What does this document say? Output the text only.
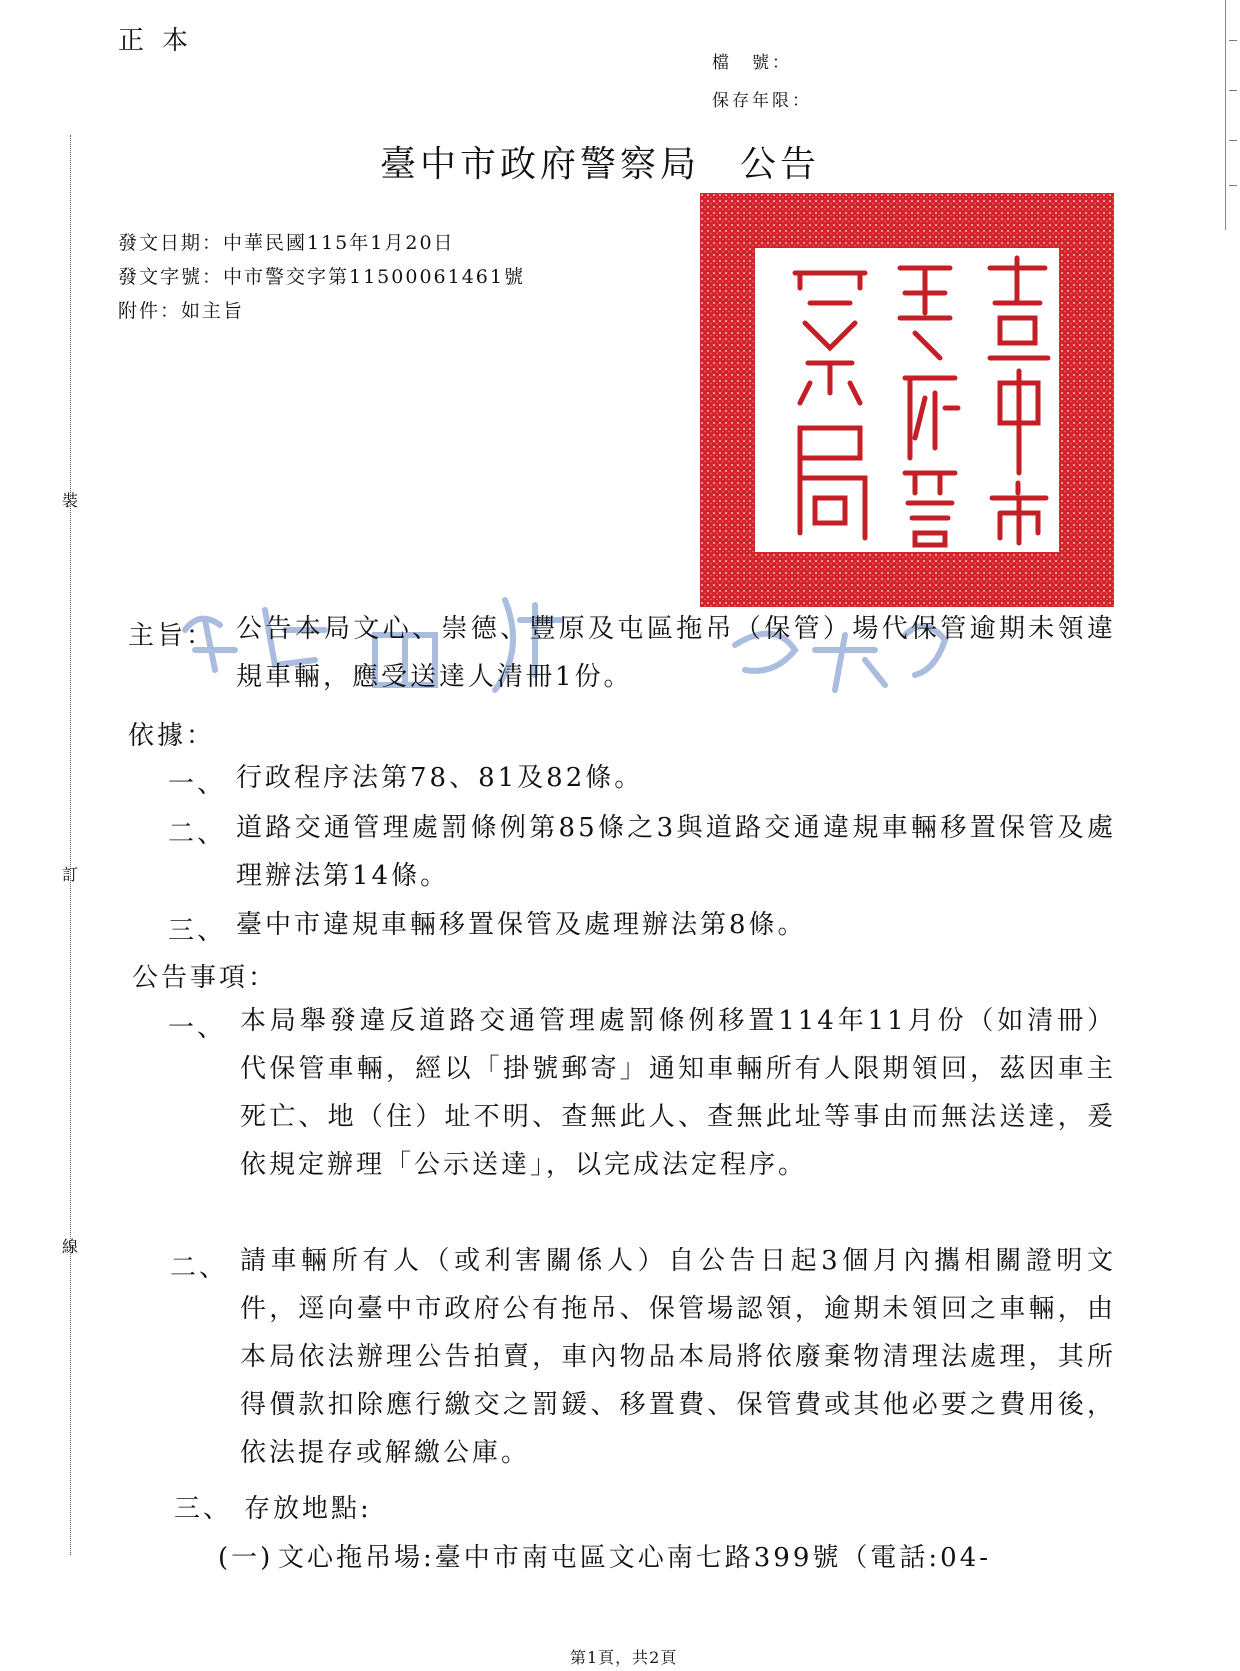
裝
訂
線
正本
檔　號：
保存年限：
臺中市政府警察局 公告
發文日期：中華民國115年1月20日
發文字號：中市警交字第11500061461號
附件：如主旨
主旨： 公告本局文心、崇德、豐原及屯區拖吊（保管）場代保管逾期未領違規車輛，應受送達人清冊1份。
依據：
一、 行政程序法第78、81及82條。
二、 道路交通管理處罰條例第85條之3與道路交通違規車輛移置保管及處理辦法第14條。
三、 臺中市違規車輛移置保管及處理辦法第8條。
公告事項：
一、 本局舉發違反道路交通管理處罰條例移置114年11月份（如清冊）代保管車輛，經以「掛號郵寄」通知車輛所有人限期領回，茲因車主死亡、地（住）址不明、查無此人、查無此址等事由而無法送達，爰依規定辦理「公示送達」，以完成法定程序。
二、 請車輛所有人（或利害關係人）自公告日起3個月內攜相關證明文件，逕向臺中市政府公有拖吊、保管場認領，逾期未領回之車輛，由本局依法辦理公告拍賣，車內物品本局將依廢棄物清理法處理，其所得價款扣除應行繳交之罰鍰、移置費、保管費或其他必要之費用後，依法提存或解繳公庫。
三、 存放地點:
(一) 文心拖吊場:臺中市南屯區文心南七路399號（電話:04-
第1頁，共2頁
